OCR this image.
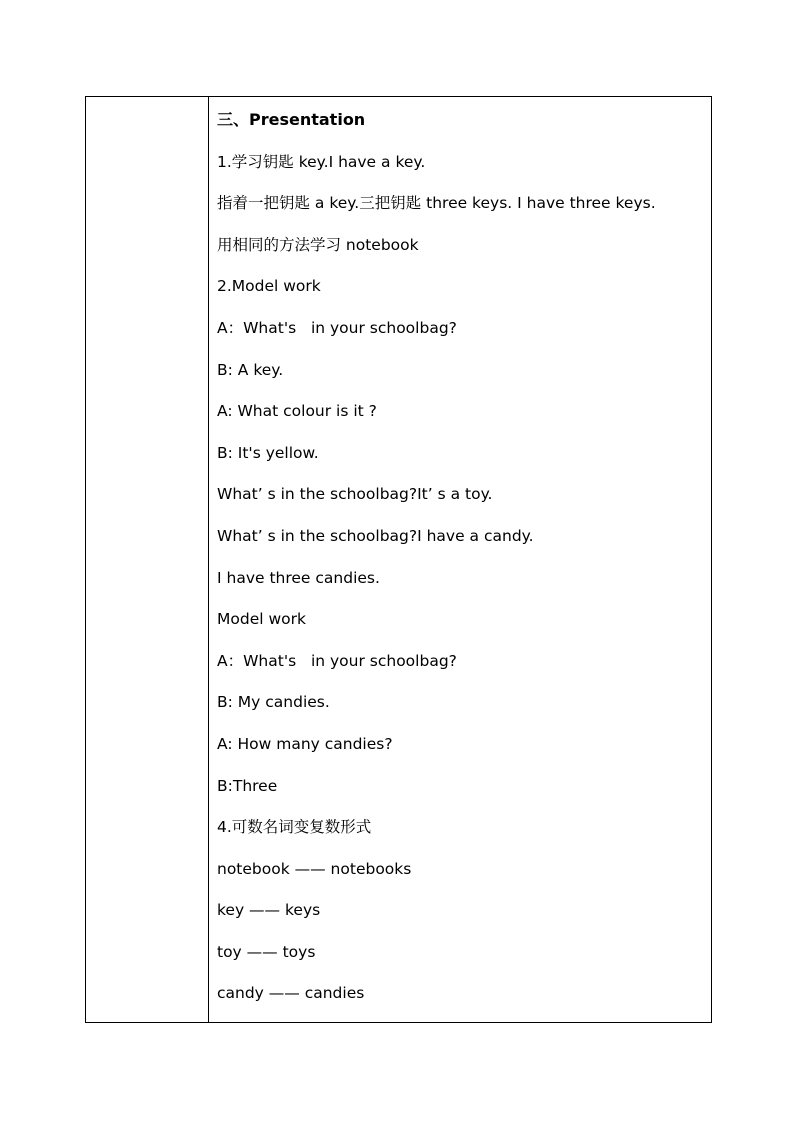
三、Presentation
1.学习钥匙 key.I have a key.
指着一把钥匙 a key.三把钥匙 three keys. I have three keys.
用相同的方法学习 notebook
2.Model work
A：What's   in your schoolbag?
B: A key.
A: What colour is it ?
B: It's yellow.
What’ s in the schoolbag?It’ s a toy.
What’ s in the schoolbag?I have a candy.
I have three candies.
Model work
A：What's   in your schoolbag?
B: My candies.
A: How many candies?
B:Three
4.可数名词变复数形式
notebook —— notebooks
key —— keys
toy —— toys
candy —— candies
